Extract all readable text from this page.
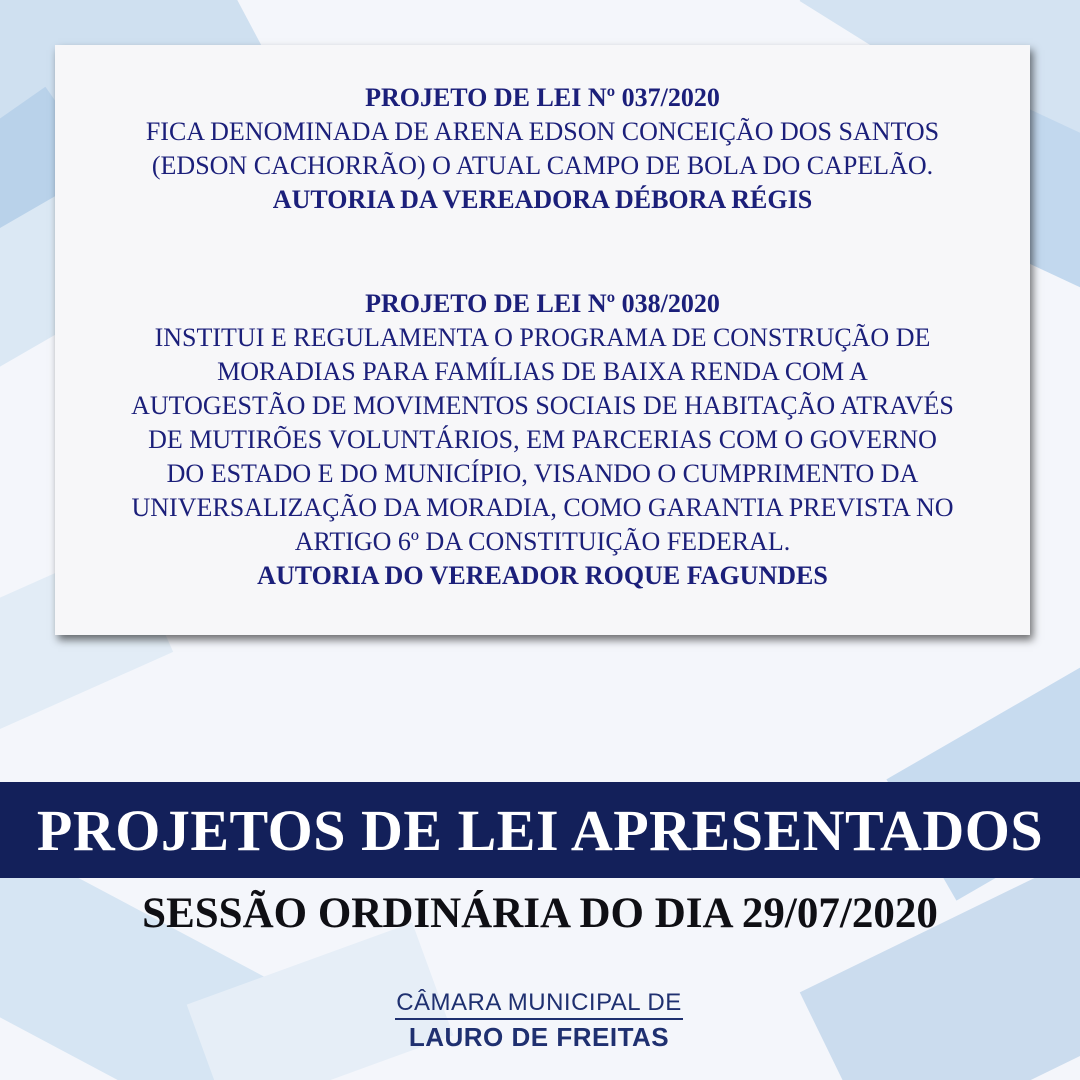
PROJETO DE LEI Nº 037/2020
FICA DENOMINADA DE ARENA EDSON CONCEIÇÃO DOS SANTOS
(EDSON CACHORRÃO) O ATUAL CAMPO DE BOLA DO CAPELÃO.
AUTORIA DA VEREADORA DÉBORA RÉGIS
PROJETO DE LEI Nº 038/2020
INSTITUI E REGULAMENTA O PROGRAMA DE CONSTRUÇÃO DE
MORADIAS PARA FAMÍLIAS DE BAIXA RENDA COM A
AUTOGESTÃO DE MOVIMENTOS SOCIAIS DE HABITAÇÃO ATRAVÉS
DE MUTIRÕES VOLUNTÁRIOS, EM PARCERIAS COM O GOVERNO
DO ESTADO E DO MUNICÍPIO, VISANDO O CUMPRIMENTO DA
UNIVERSALIZAÇÃO DA MORADIA, COMO GARANTIA PREVISTA NO
ARTIGO 6º DA CONSTITUIÇÃO FEDERAL.
AUTORIA DO VEREADOR ROQUE FAGUNDES
PROJETOS DE LEI APRESENTADOS
SESSÃO ORDINÁRIA DO DIA 29/07/2020
CÂMARA MUNICIPAL DE
LAURO DE FREITAS
